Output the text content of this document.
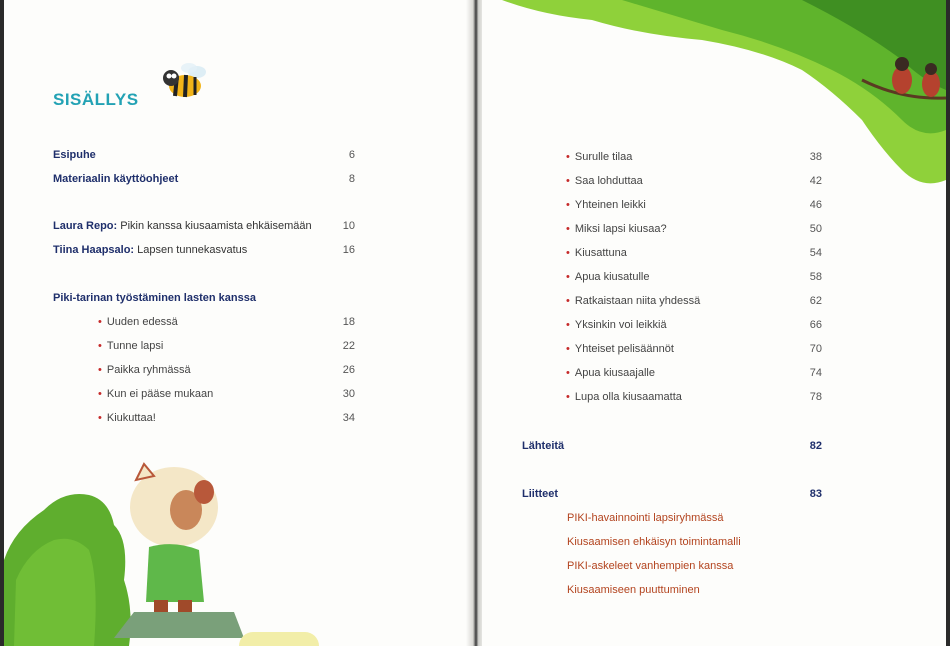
SISÄLLYS
Esipuhe	6
Materiaalin käyttöohjeet	8
Laura Repo: Pikin kanssa kiusaamista ehkäisemään	10
Tiina Haapsalo: Lapsen tunnekasvatus	16
Piki-tarinan työstäminen lasten kanssa
• Uuden edessä	18
• Tunne lapsi	22
• Paikka ryhmässä	26
• Kun ei pääse mukaan	30
• Kiukuttaa!	34
• Surulle tilaa	38
• Saa lohduttaa	42
• Yhteinen leikki	46
• Miksi lapsi kiusaa?	50
• Kiusattuna	54
• Apua kiusatulle	58
• Ratkaistaan niita yhdessä	62
• Yksinkin voi leikkiä	66
• Yhteiset pelisäännöt	70
• Apua kiusaajalle	74
• Lupa olla kiusaamatta	78
Lähteitä	82
Liitteet	83
PIKI-havainnointi lapsiryhmässä
Kiusaamisen ehkäisyn toimintamalli
PIKI-askeleet vanhempien kanssa
Kiusaamiseen puuttuminen
